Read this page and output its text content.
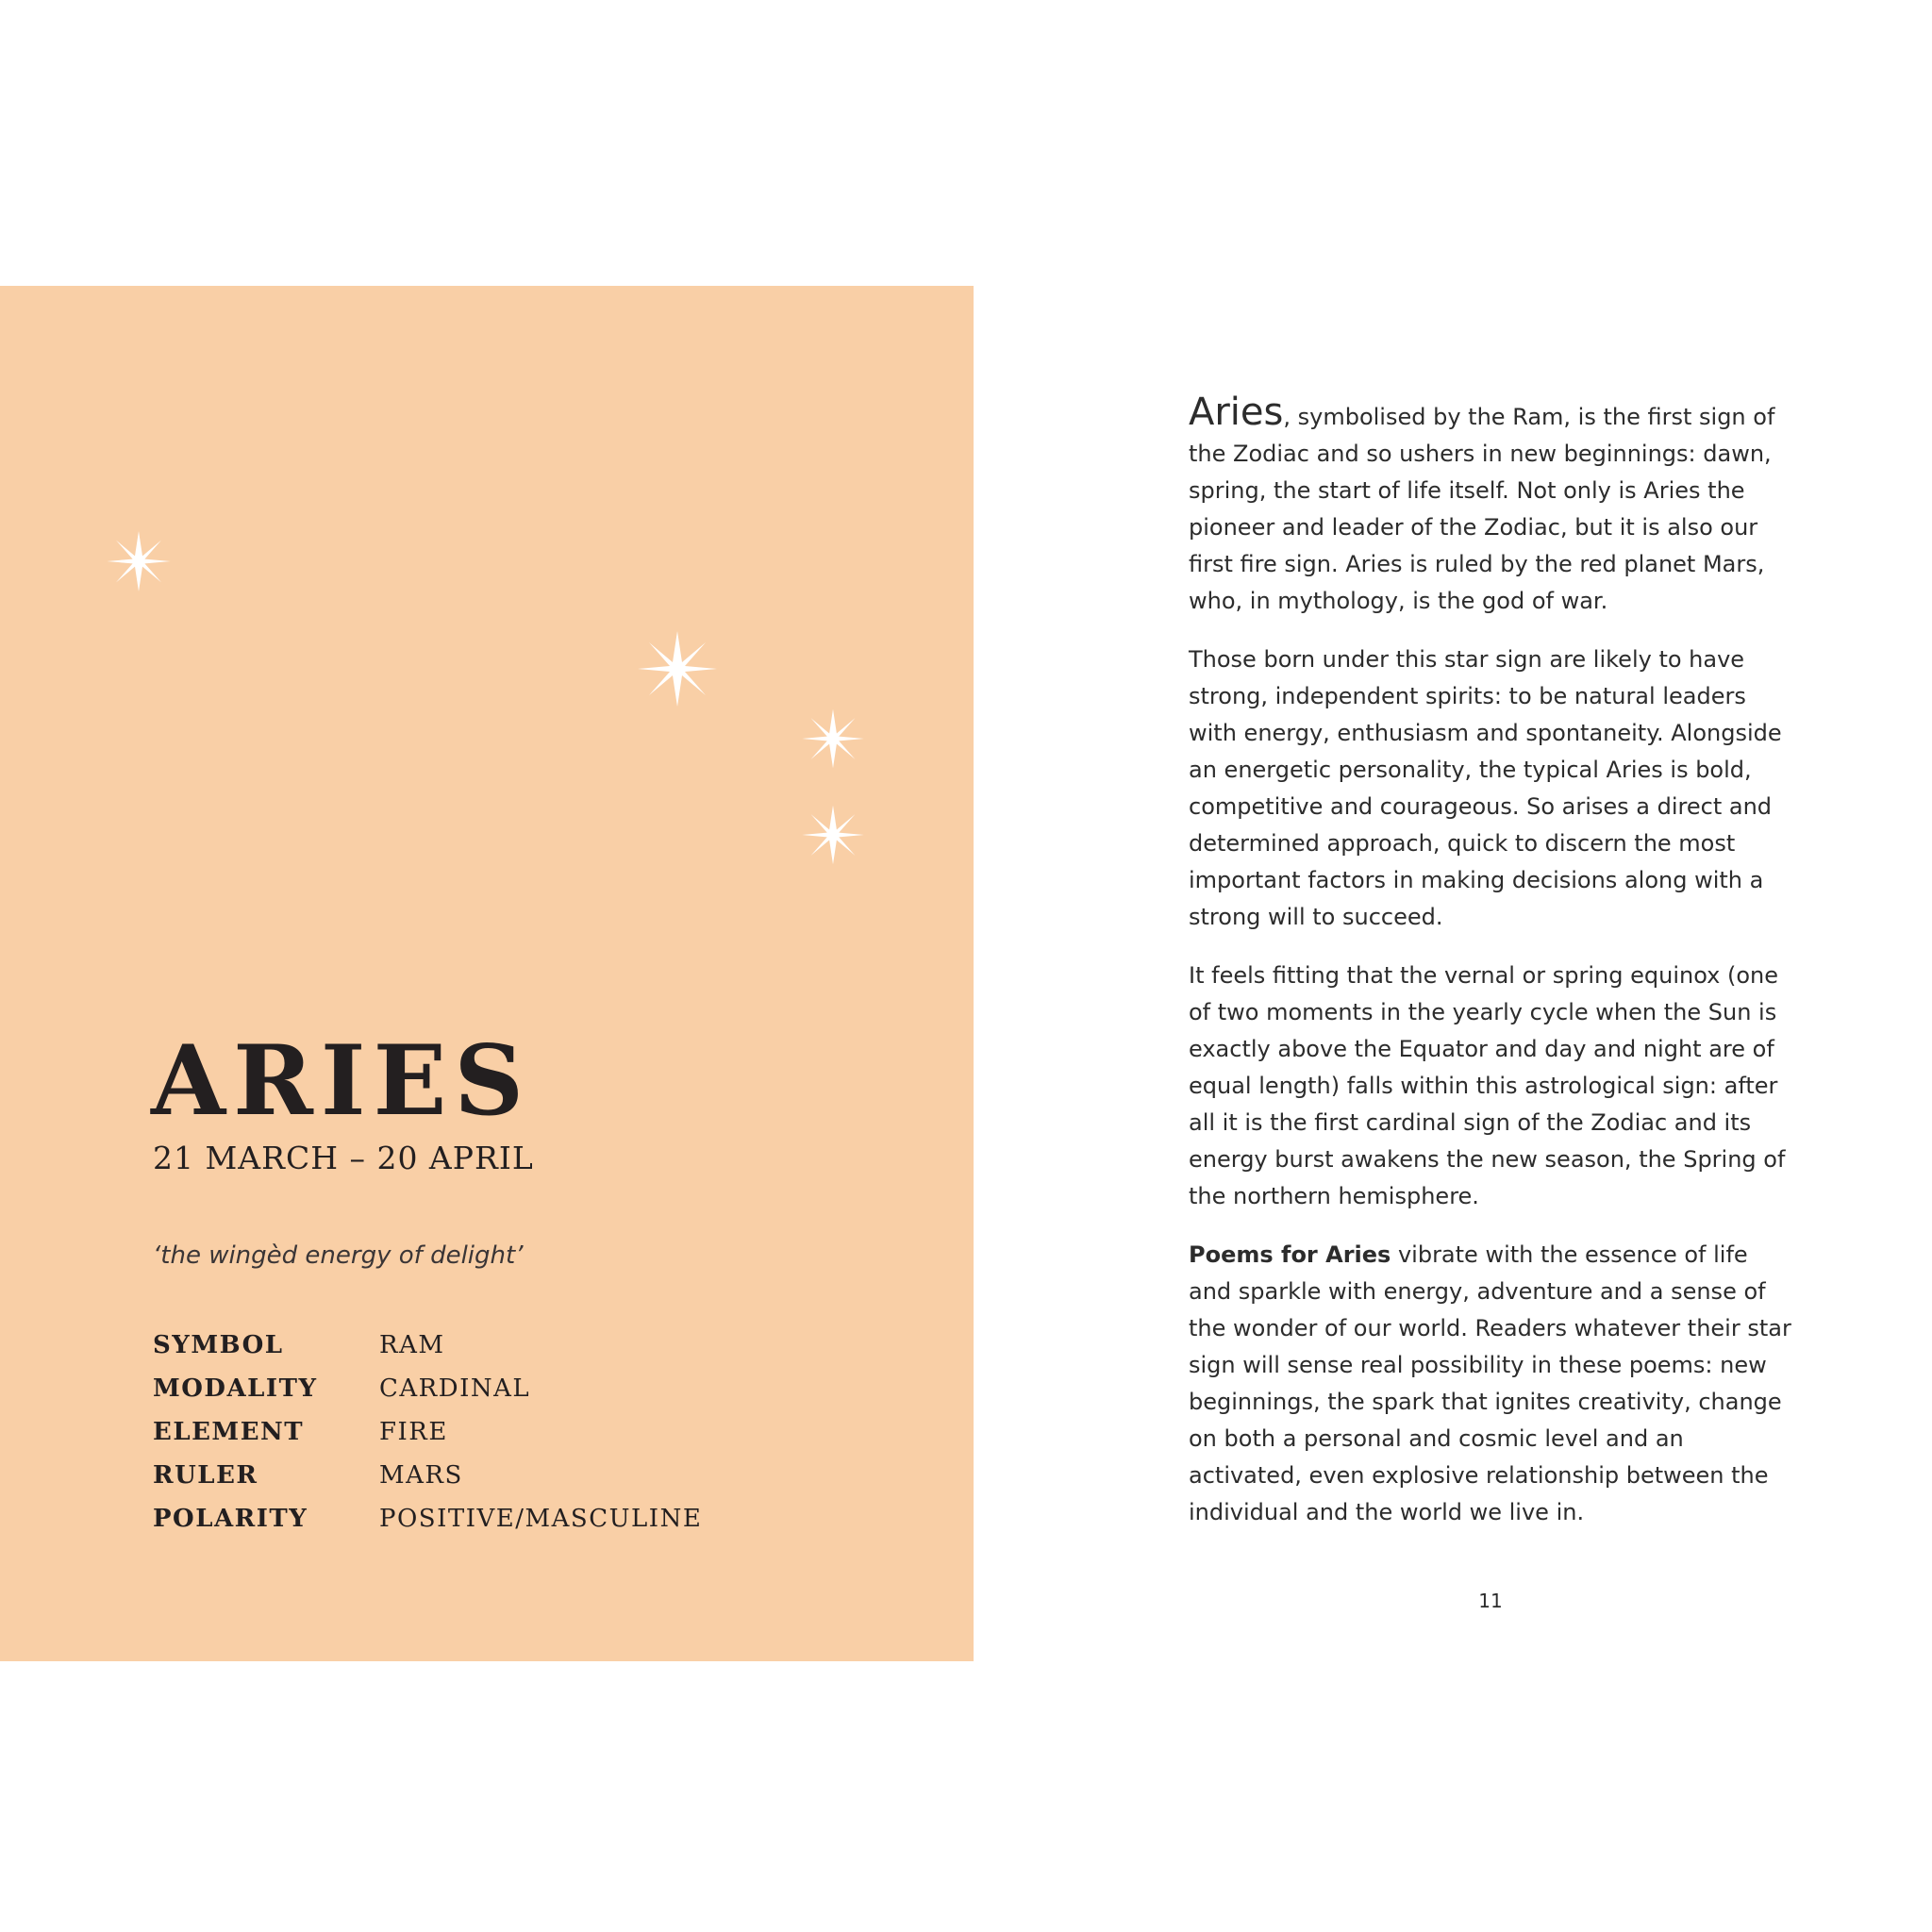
ARIES
21 MARCH – 20 APRIL
‘the wingèd energy of delight’
SYMBOL	RAM
MODALITY	CARDINAL
ELEMENT	FIRE
RULER	MARS
POLARITY	POSITIVE/MASCULINE

Aries, symbolised by the Ram, is the first sign of the Zodiac and so ushers in new beginnings: dawn, spring, the start of life itself. Not only is Aries the pioneer and leader of the Zodiac, but it is also our first fire sign. Aries is ruled by the red planet Mars, who, in mythology, is the god of war.

Those born under this star sign are likely to have strong, independent spirits: to be natural leaders with energy, enthusiasm and spontaneity. Alongside an energetic personality, the typical Aries is bold, competitive and courageous. So arises a direct and determined approach, quick to discern the most important factors in making decisions along with a strong will to succeed.

It feels fitting that the vernal or spring equinox (one of two moments in the yearly cycle when the Sun is exactly above the Equator and day and night are of equal length) falls within this astrological sign: after all it is the first cardinal sign of the Zodiac and its energy burst awakens the new season, the Spring of the northern hemisphere.

Poems for Aries vibrate with the essence of life and sparkle with energy, adventure and a sense of the wonder of our world. Readers whatever their star sign will sense real possibility in these poems: new beginnings, the spark that ignites creativity, change on both a personal and cosmic level and an activated, even explosive relationship between the individual and the world we live in.

11
